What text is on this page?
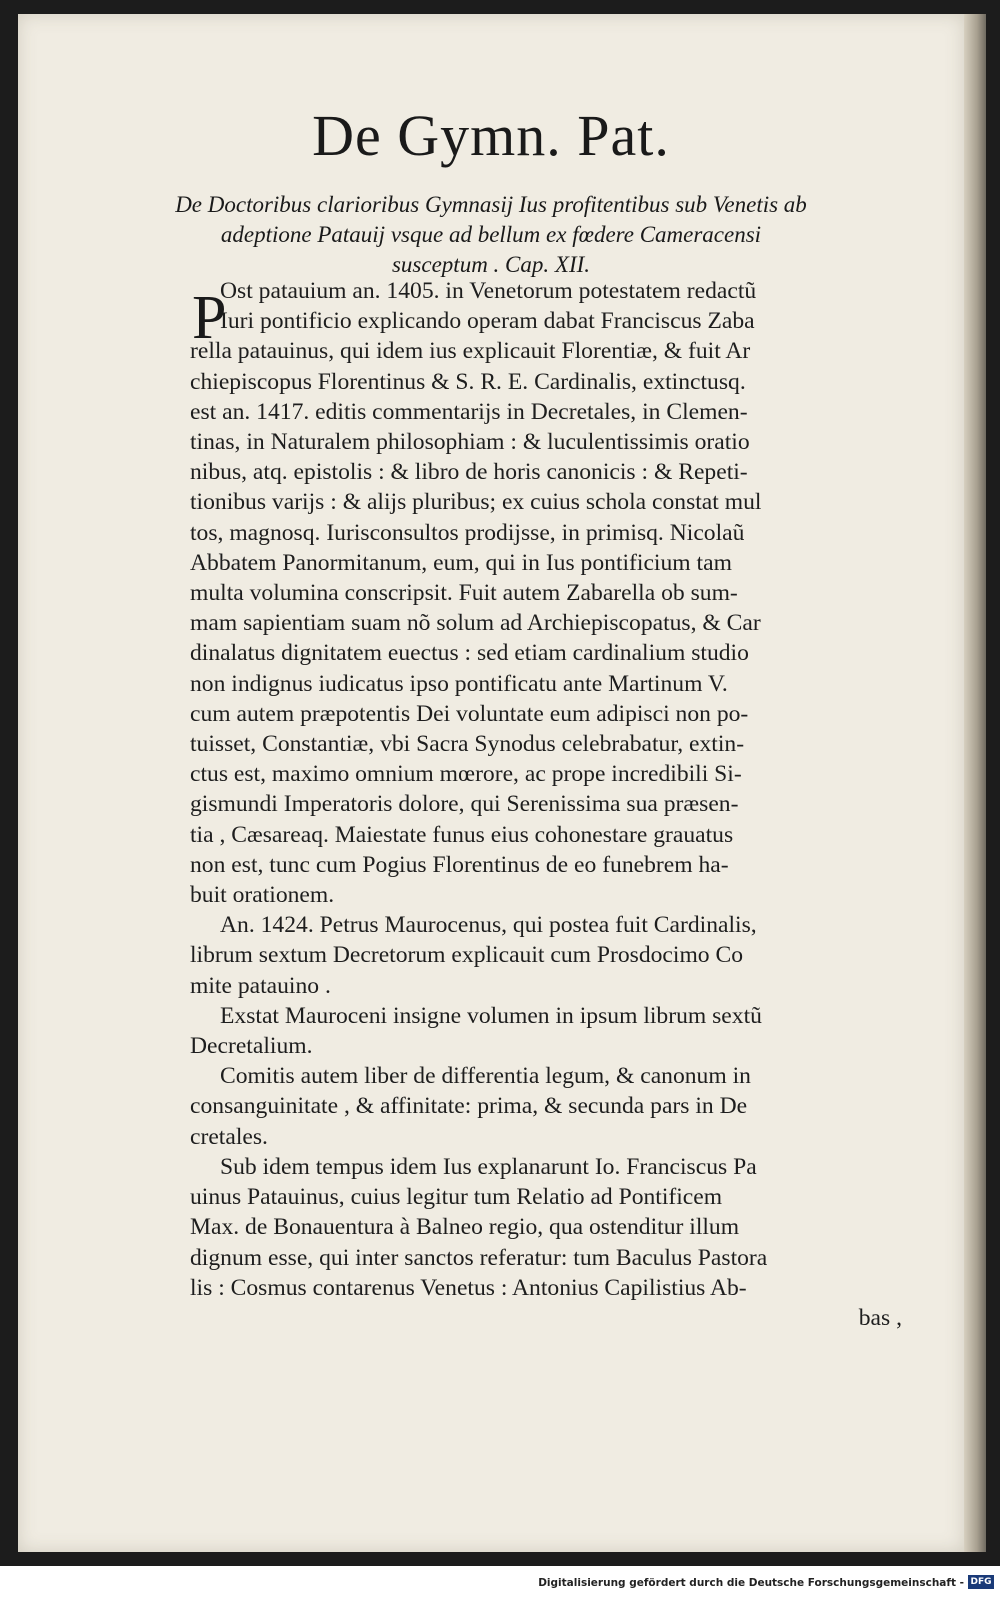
De Gymn. Pat.
De Doctoribus clarioribus Gymnasij Ius profitentibus sub Venetis ab
adeptione Patauij vsque ad bellum ex fœdere Cameracensi
susceptum . Cap. XII.
P
Ost patauium an. 1405. in Venetorum potestatem redactũ
Iuri pontificio explicando operam dabat Franciscus Zaba
rella patauinus, qui idem ius explicauit Florentiæ, & fuit Ar
chiepiscopus Florentinus & S. R. E. Cardinalis, extinctusq.
est an. 1417. editis commentarijs in Decretales, in Clemen-
tinas, in Naturalem philosophiam : & luculentissimis oratio
nibus, atq. epistolis : & libro de horis canonicis : & Repeti-
tionibus varijs : & alijs pluribus; ex cuius schola constat mul
tos, magnosq. Iurisconsultos prodijsse, in primisq. Nicolaũ
Abbatem Panormitanum, eum, qui in Ius pontificium tam
multa volumina conscripsit. Fuit autem Zabarella ob sum-
mam sapientiam suam nõ solum ad Archiepiscopatus, & Car
dinalatus dignitatem euectus : sed etiam cardinalium studio
non indignus iudicatus ipso pontificatu ante Martinum V.
cum autem præpotentis Dei voluntate eum adipisci non po-
tuisset, Constantiæ, vbi Sacra Synodus celebrabatur, extin-
ctus est, maximo omnium mœrore, ac prope incredibili Si-
gismundi Imperatoris dolore, qui Serenissima sua præsen-
tia , Cæsareaq. Maiestate funus eius cohonestare grauatus
non est, tunc cum Pogius Florentinus de eo funebrem ha-
buit orationem.
An. 1424. Petrus Maurocenus, qui postea fuit Cardinalis,
librum sextum Decretorum explicauit cum Prosdocimo Co
mite patauino .
Exstat Mauroceni insigne volumen in ipsum librum sextũ
Decretalium.
Comitis autem liber de differentia legum, & canonum in
consanguinitate , & affinitate: prima, & secunda pars in De
cretales.
Sub idem tempus idem Ius explanarunt Io. Franciscus Pa
uinus Patauinus, cuius legitur tum Relatio ad Pontificem
Max. de Bonauentura à Balneo regio, qua ostenditur illum
dignum esse, qui inter sanctos referatur: tum Baculus Pastora
lis : Cosmus contarenus Venetus : Antonius Capilistius Ab-
bas ,
Digitalisierung gefördert durch die Deutsche Forschungsgemeinschaft - DFG
